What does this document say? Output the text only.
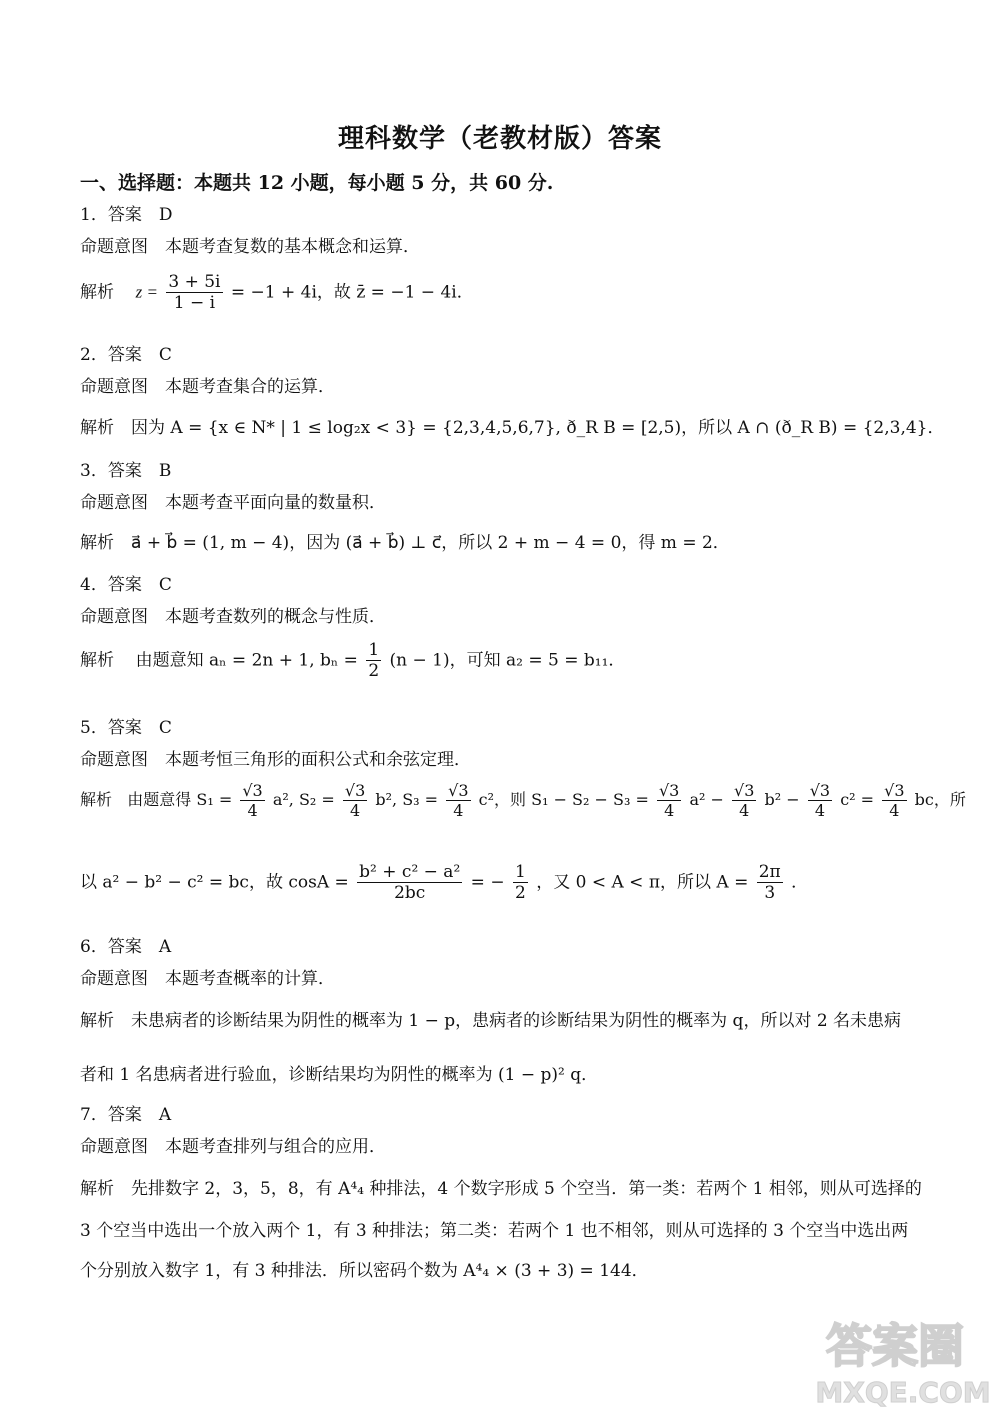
理科数学（老教材版）答案
一、选择题：本题共 12 小题，每小题 5 分，共 60 分.
1．答案　D
命题意图　本题考查复数的基本概念和运算．
解析 $z = \frac{3 + 5i}{1 - i} = -1 + 4i$，故 z̄ = −1 − 4i．
2．答案　C
命题意图　本题考查集合的运算．
解析　因为 A = {x ∈ N* | 1 ≤ log₂x < 3} = {2,3,4,5,6,7}, ð_R B = [2,5)，所以 A ∩ (ð_R B) = {2,3,4}．
3．答案　B
命题意图　本题考查平面向量的数量积．
解析　a⃗ + b⃗ = (1, m − 4)，因为 (a⃗ + b⃗) ⊥ c⃗，所以 2 + m − 4 = 0，得 m = 2．
4．答案　C
命题意图　本题考查数列的概念与性质．
解析 由题意知 aₙ = 2n + 1, $b_n = \frac{1}{2} (n - 1)$，可知 a₂ = 5 = b₁₁．
5．答案　C
命题意图　本题考恒三角形的面积公式和余弦定理．
解析 由题意得 $S_1 = \frac{√3}{4} a^2$, $S_2 = \frac{√3}{4} b^2$, $S_3 = \frac{√3}{4} c^2$，则 $S_1 - S_2 - S_3 = \frac{√3}{4} a^2 - \frac{√3}{4} b^2 - \frac{√3}{4} c^2 = \frac{√3}{4}$ bc，所
以 a² − b² − c² = bc，故 $\cos A = \frac{\text{b² + c² − a²}}{2bc}$ = − $\frac{1}{2}$ ，又 0 < A < π，所以 $A = \frac{2\pi}{3}$ ．
6．答案　A
命题意图　本题考查概率的计算．
解析　未患病者的诊断结果为阴性的概率为 1 − p，患病者的诊断结果为阴性的概率为 q，所以对 2 名未患病
者和 1 名患病者进行验血，诊断结果均为阴性的概率为 (1 − p)² q．
7．答案　A
命题意图　本题考查排列与组合的应用．
解析　先排数字 2，3，5，8，有 A⁴₄ 种排法，4 个数字形成 5 个空当．第一类：若两个 1 相邻，则从可选择的
3 个空当中选出一个放入两个 1，有 3 种排法；第二类：若两个 1 也不相邻，则从可选择的 3 个空当中选出两
个分别放入数字 1，有 3 种排法．所以密码个数为 A⁴₄ × (3 + 3) = 144．
答案圈
MXQE.COM
